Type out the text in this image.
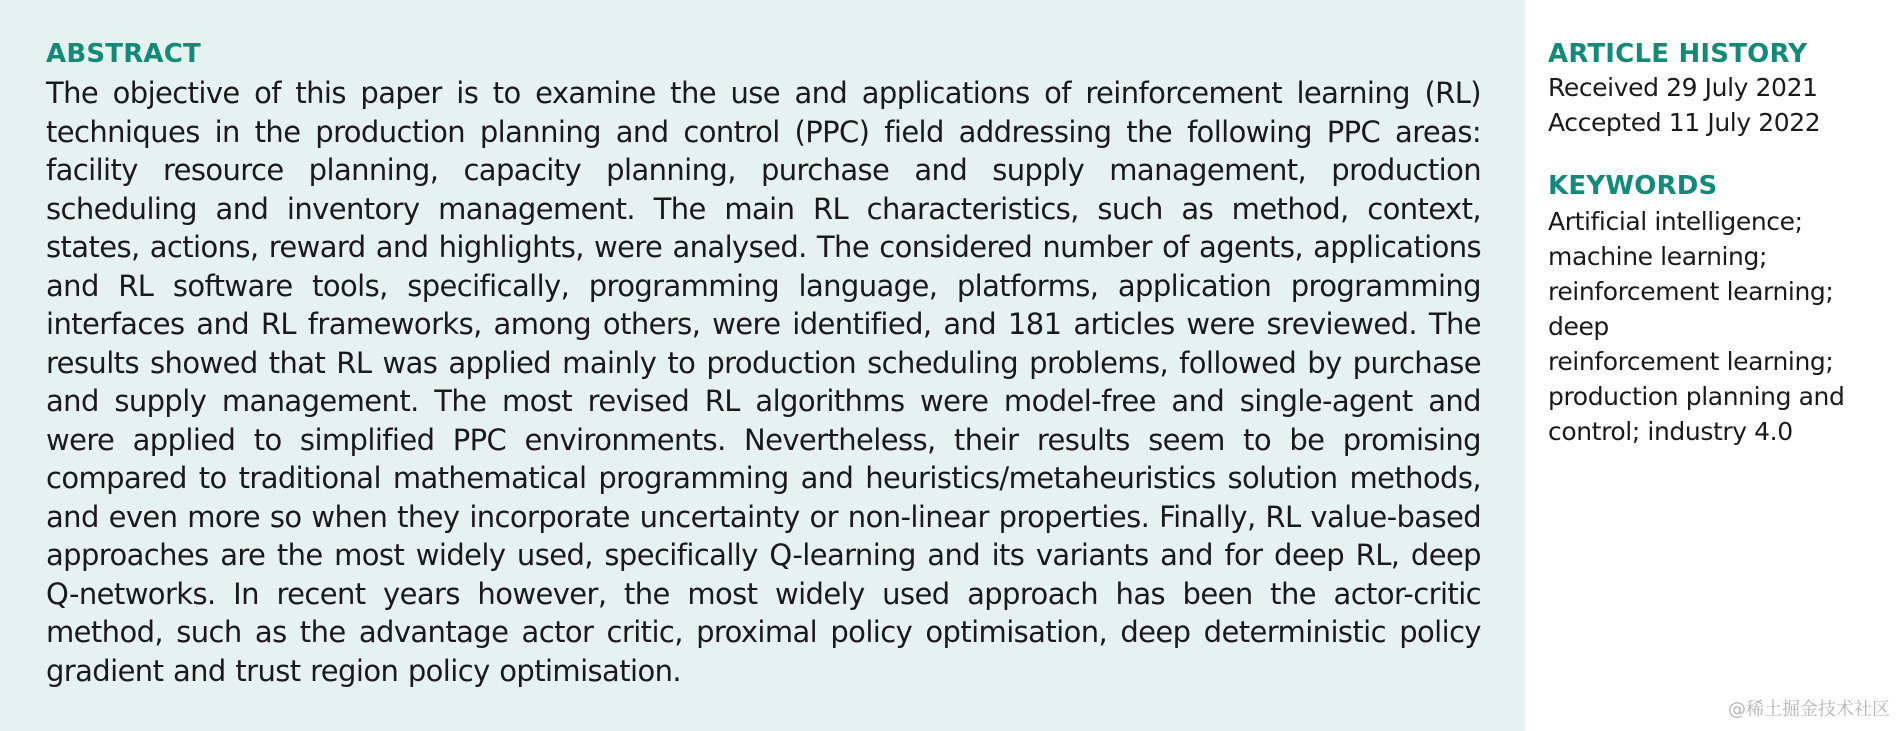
ABSTRACT

The objective of this paper is to examine the use and applications of reinforcement learning (RL) techniques in the production planning and control (PPC) field addressing the following PPC areas: facility resource planning, capacity planning, purchase and supply management, production scheduling and inventory management. The main RL characteristics, such as method, context, states, actions, reward and highlights, were analysed. The considered number of agents, applications and RL software tools, specifically, programming language, platforms, application programming interfaces and RL frameworks, among others, were identified, and 181 articles were sreviewed. The results showed that RL was applied mainly to production scheduling problems, followed by purchase and supply management. The most revised RL algorithms were model-free and single-agent and were applied to simplified PPC environments. Nevertheless, their results seem to be promising compared to traditional mathematical programming and heuristics/metaheuristics solution methods, and even more so when they incorporate uncertainty or non-linear properties. Finally, RL value-based approaches are the most widely used, specifically Q-learning and its variants and for deep RL, deep Q-networks. In recent years however, the most widely used approach has been the actor-critic method, such as the advantage actor critic, proximal policy optimisation, deep deterministic policy gradient and trust region policy optimisation.

ARTICLE HISTORY

Received 29 July 2021

Accepted 11 July 2022

KEYWORDS

Artificial intelligence;
machine learning;
reinforcement learning; deep
reinforcement learning;
production planning and
control; industry 4.0

@稀土掘金技术社区
